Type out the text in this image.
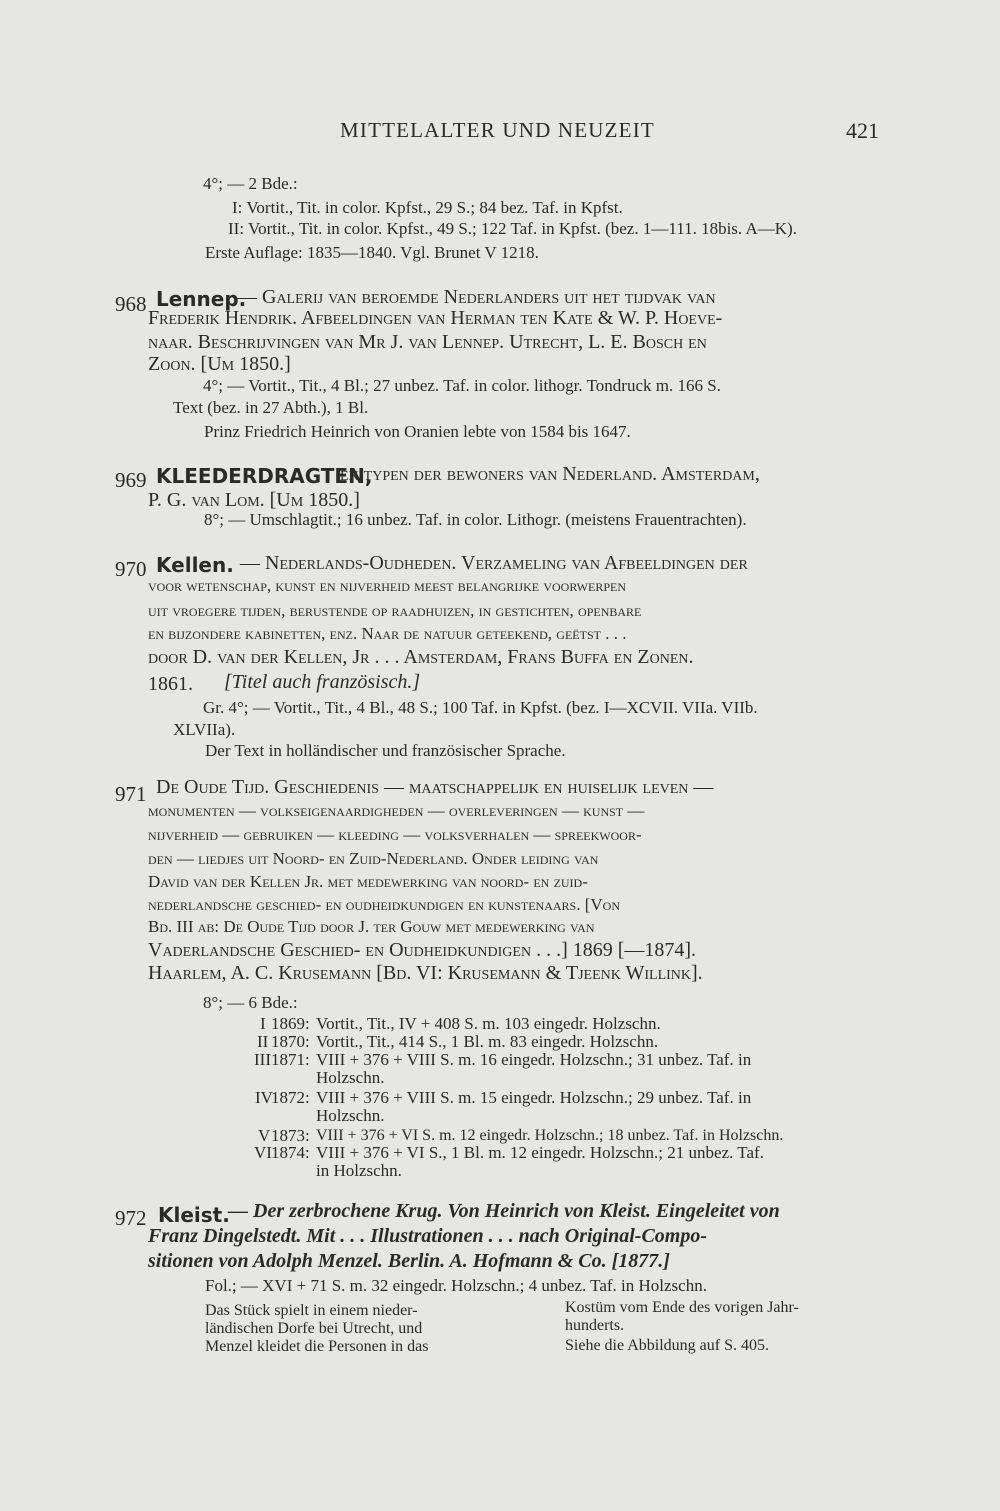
MITTELALTER UND NEUZEIT	421
4°; — 2 Bde.:
I: Vortit., Tit. in color. Kpfst., 29 S.; 84 bez. Taf. in Kpfst.
II: Vortit., Tit. in color. Kpfst., 49 S.; 122 Taf. in Kpfst. (bez. 1—111. 18bis. A—K).
Erste Auflage: 1835—1840. Vgl. Brunet V 1218.
968 Lennep.
— Galerij van beroemde Nederlanders uit het tijdvak van
Frederik Hendrik. Afbeeldingen van Herman ten Kate & W. P. Hoeve-
naar. Beschrijvingen van Mr J. van Lennep. Utrecht, L. E. Bosch en
Zoon. [Um 1850.]
4°; — Vortit., Tit., 4 Bl.; 27 unbez. Taf. in color. lithogr. Tondruck m. 166 S.
Text (bez. in 27 Abth.), 1 Bl.
Prinz Friedrich Heinrich von Oranien lebte von 1584 bis 1647.
969 KLEEDERDRAGTEN,
en typen der bewoners van Nederland. Amsterdam,
P. G. van Lom. [Um 1850.]
8°; — Umschlagtit.; 16 unbez. Taf. in color. Lithogr. (meistens Frauentrachten).
970 Kellen. — Nederlands-Oudheden. Verzameling van Afbeeldingen der
voor wetenschap, kunst en nijverheid meest belangrijke voorwerpen
uit vroegere tijden, berustende op raadhuizen, in gestichten, openbare
en bijzondere kabinetten, enz. Naar de natuur geteekend, geëtst . . .
door D. van der Kellen, Jr . . . Amsterdam, Frans Buffa en Zonen.
1861. [Titel auch französisch.]
Gr. 4°; — Vortit., Tit., 4 Bl., 48 S.; 100 Taf. in Kpfst. (bez. I—XCVII. VIIa. VIIb.
XLVIIa).
Der Text in holländischer und französischer Sprache.
971 De Oude Tijd. Geschiedenis — maatschappelijk en huiselijk leven —
monumenten — volkseigenaardigheden — overleveringen — kunst —
nijverheid — gebruiken — kleeding — volksverhalen — spreekwoor-
den — liedjes uit Noord- en Zuid-Nederland. Onder leiding van
David van der Kellen Jr. met medewerking van noord- en zuid-
nederlandsche geschied- en oudheidkundigen en kunstenaars. [Von
Bd. III ab: De Oude Tijd door J. ter Gouw met medewerking van
Vaderlandsche Geschied- en Oudheidkundigen . . .] 1869 [—1874].
Haarlem, A. C. Krusemann [Bd. VI: Krusemann & Tjeenk Willink].
8°; — 6 Bde.:
I 1869: Vortit., Tit., IV + 408 S. m. 103 eingedr. Holzschn.
II 1870: Vortit., Tit., 414 S., 1 Bl. m. 83 eingedr. Holzschn.
III 1871: VIII + 376 + VIII S. m. 16 eingedr. Holzschn.; 31 unbez. Taf. in
Holzschn.
IV
1872: VIII + 376 + VIII S. m. 15 eingedr. Holzschn.; 29 unbez. Taf. in
Holzschn.
V 1873: VIII + 376 + VI S. m. 12 eingedr. Holzschn.; 18 unbez. Taf. in Holzschn.
VI 1874: VIII + 376 + VI S., 1 Bl. m. 12 eingedr. Holzschn.; 21 unbez. Taf.
in Holzschn.
972 Kleist.
— Der zerbrochene Krug. Von Heinrich von Kleist. Eingeleitet von
Franz Dingelstedt. Mit . . . Illustrationen . . . nach Original-Compo-
sitionen von Adolph Menzel. Berlin. A. Hofmann & Co. [1877.]
Fol.; — XVI + 71 S. m. 32 eingedr. Holzschn.; 4 unbez. Taf. in Holzschn.
Das Stück spielt in einem nieder-
ländischen Dorfe bei Utrecht, und
Menzel kleidet die Personen in das
Kostüm vom Ende des vorigen Jahr-
hunderts.
Siehe die Abbildung auf S. 405.
